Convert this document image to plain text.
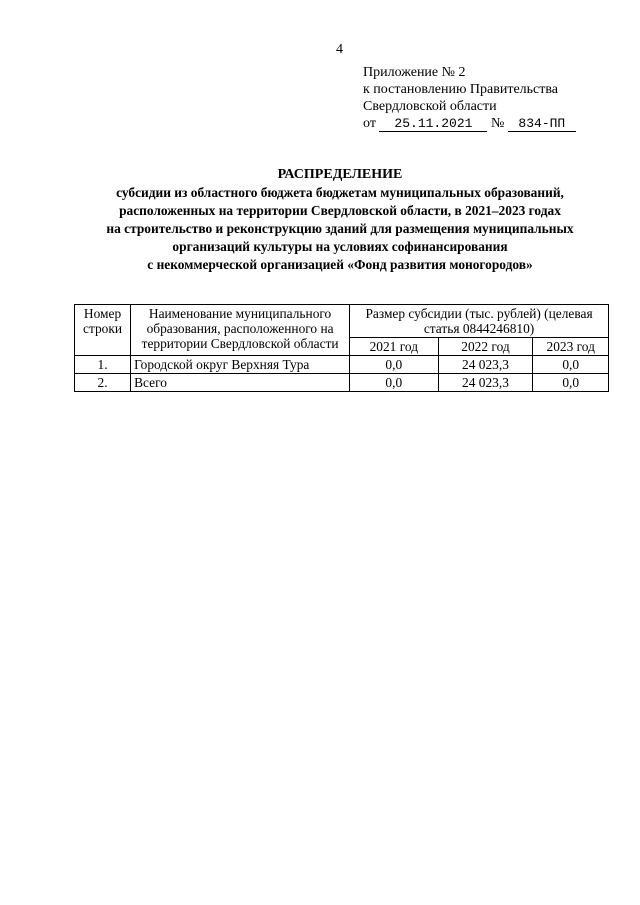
4
Приложение № 2
к постановлению Правительства
Свердловской области
от 25.11.2021 № 834-ПП
РАСПРЕДЕЛЕНИЕ
субсидии из областного бюджета бюджетам муниципальных образований,
расположенных на территории Свердловской области, в 2021–2023 годах
на строительство и реконструкцию зданий для размещения муниципальных
организаций культуры на условиях софинансирования
с некоммерческой организацией «Фонд развития моногородов»
Номер строки	Наименование муниципального образования, расположенного на территории Свердловской области	Размер субсидии (тыс. рублей) (целевая статья 0844246810)		
		2021 год	2022 год	2023 год
1.	Городской округ Верхняя Тура	0,0	24 023,3	0,0
2.	Всего	0,0	24 023,3	0,0
